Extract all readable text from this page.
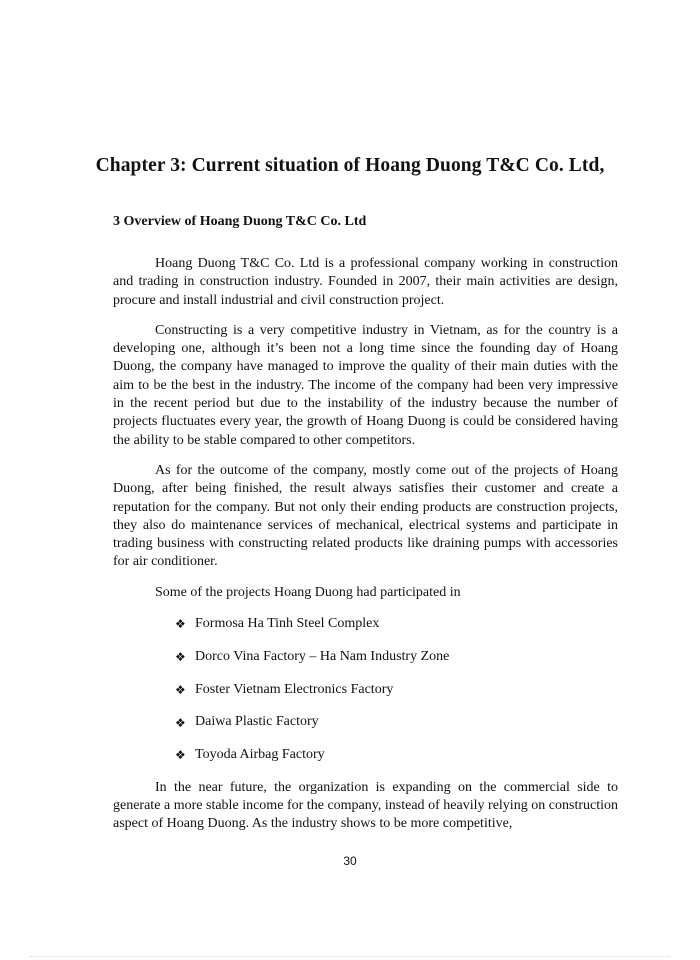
Chapter 3: Current situation of Hoang Duong T&C Co. Ltd,
3 Overview of Hoang Duong T&C Co. Ltd

Hoang Duong T&C Co. Ltd is a professional company working in construction and trading in construction industry. Founded in 2007, their main activities are design, procure and install industrial and civil construction project.

Constructing is a very competitive industry in Vietnam, as for the country is a developing one, although it’s been not a long time since the founding day of Hoang Duong, the company have managed to improve the quality of their main duties with the aim to be the best in the industry. The income of the company had been very impressive in the recent period but due to the instability of the industry because the number of projects fluctuates every year, the growth of Hoang Duong is could be considered having the ability to be stable compared to other competitors.

As for the outcome of the company, mostly come out of the projects of Hoang Duong, after being finished, the result always satisfies their customer and create a reputation for the company. But not only their ending products are construction projects, they also do maintenance services of mechanical, electrical systems and participate in trading business with constructing related products like draining pumps with accessories for air conditioner.

Some of the projects Hoang Duong had participated in

❖ Formosa Ha Tinh Steel Complex
❖ Dorco Vina Factory – Ha Nam Industry Zone
❖ Foster Vietnam Electronics Factory
❖ Daiwa Plastic Factory
❖ Toyoda Airbag Factory

In the near future, the organization is expanding on the commercial side to generate a more stable income for the company, instead of heavily relying on construction aspect of Hoang Duong. As the industry shows to be more competitive,

30
